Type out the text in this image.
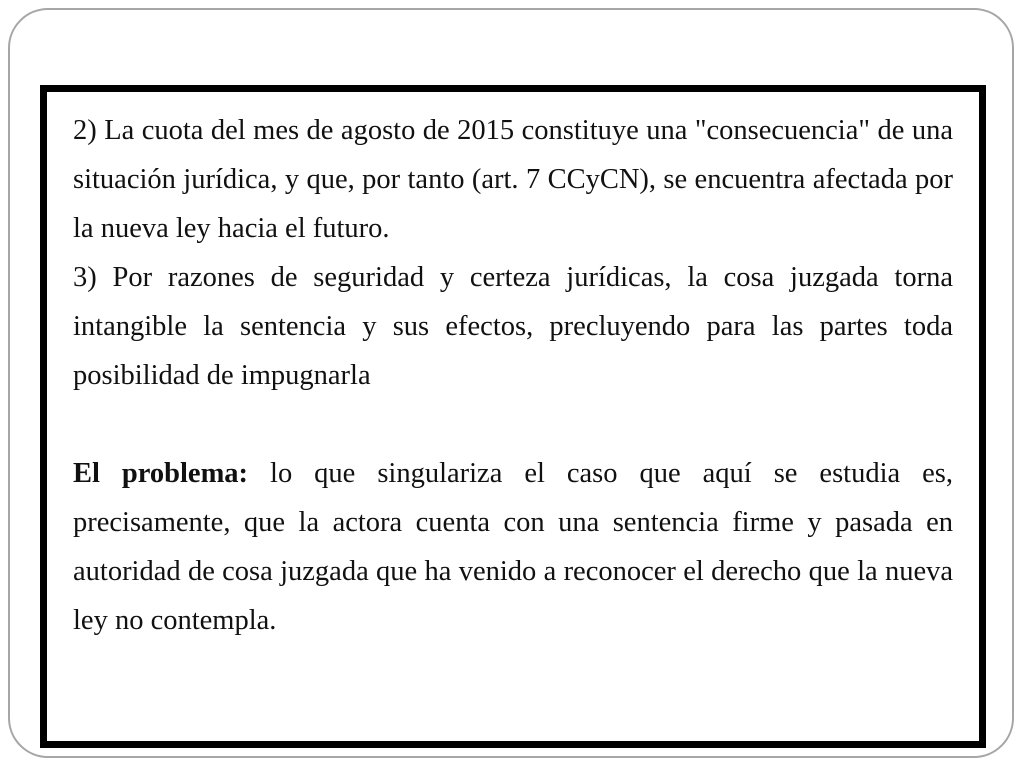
2) La cuota del mes de agosto de 2015 constituye una "consecuencia" de una situación jurídica, y que, por tanto (art. 7 CCyCN), se encuentra afectada por la nueva ley hacia el futuro.

3) Por razones de seguridad y certeza jurídicas, la cosa juzgada torna intangible la sentencia y sus efectos, precluyendo para las partes toda posibilidad de impugnarla

El problema: lo que singulariza el caso que aquí se estudia es, precisamente, que la actora cuenta con una sentencia firme y pasada en autoridad de cosa juzgada que ha venido a reconocer el derecho que la nueva ley no contempla.
